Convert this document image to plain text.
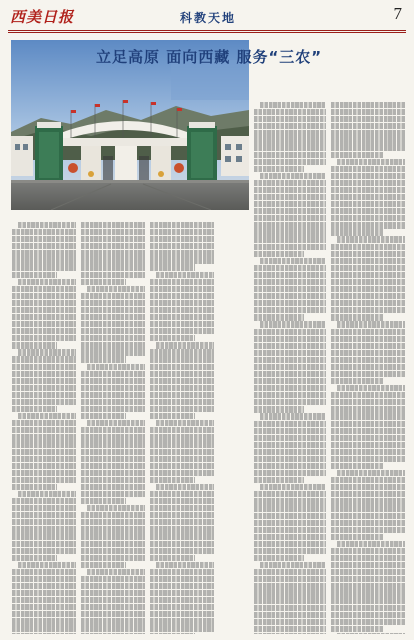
西美日报	科教天地	7
立足高原 面向西藏 服务“三农”
